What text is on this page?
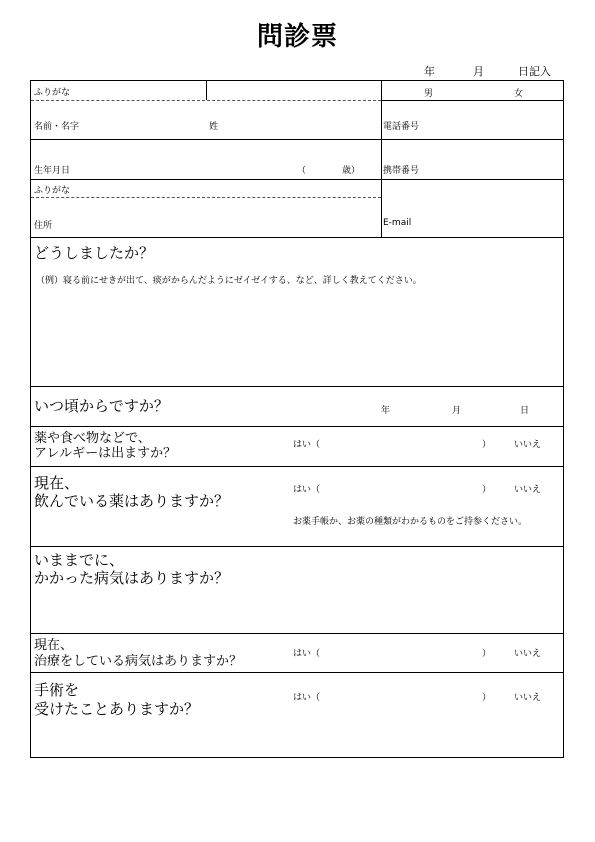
問診票
年	月	日記入
ふりがな	男	女
名前・名字	姓	電話番号
生年月日	（	歳）	携帯番号
ふりがな
住所	E-mail
どうしましたか？
（例）寝る前にせきが出て、痰がからんだようにゼイゼイする、など、詳しく教えてください。
いつ頃からですか？	年	月	日
薬や食べ物などで、
アレルギーは出ますか？
はい（	）	いいえ
現在、
飲んでいる薬はありますか？
はい（	）	いいえ
お薬手帳か、お薬の種類がわかるものをご持参ください。
いままでに、
かかった病気はありますか？
現在、
治療をしている病気はありますか？	はい（	）	いいえ
手術を
受けたことありますか？
はい（	）	いいえ
